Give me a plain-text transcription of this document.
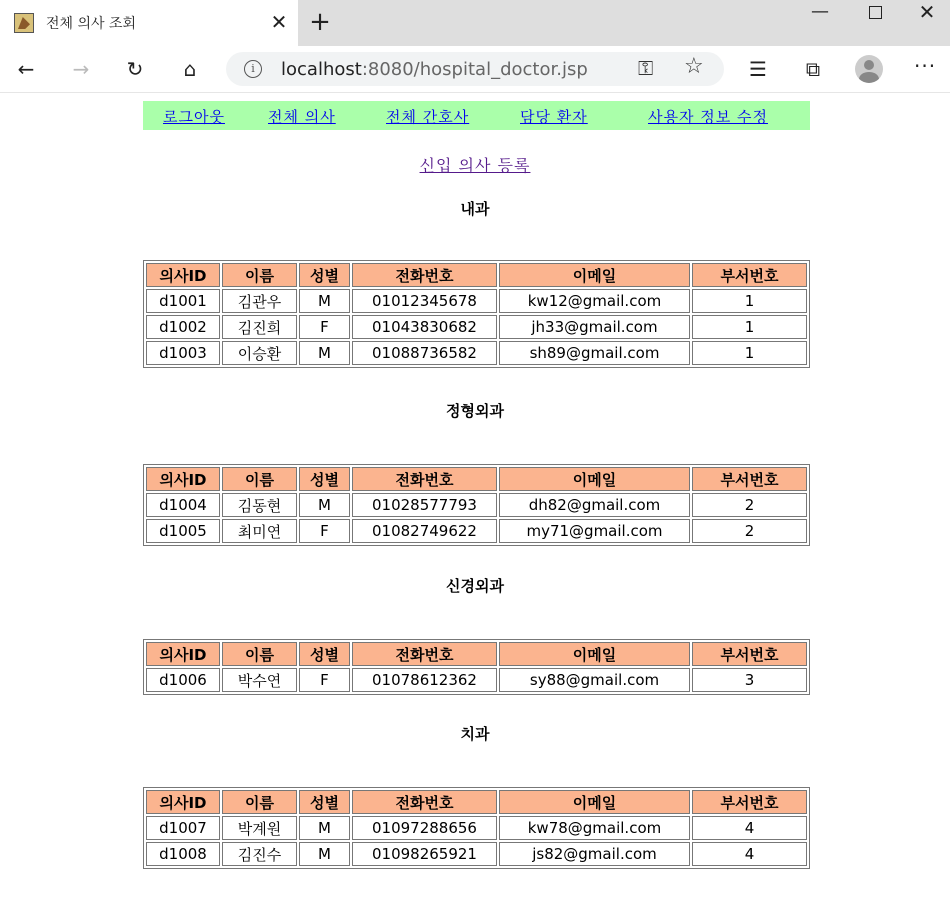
전체 의사 조회	✕ +	—	✕
←	→	↻	⌂	i	localhost:8080/hospital_doctor.jsp	⚿ ☆	☰	⧉	···
로그아웃	전체 의사	전체 간호사	담당 환자	사용자 정보 수정
신입 의사 등록
내과
의사ID	이름	성별	전화번호	이메일	부서번호
d1001	김관우	M	01012345678	kw12@gmail.com	1
d1002	김진희	F	01043830682	jh33@gmail.com	1
d1003	이승환	M	01088736582	sh89@gmail.com	1
정형외과
의사ID	이름	성별	전화번호	이메일	부서번호
d1004	김동현	M	01028577793	dh82@gmail.com	2
d1005	최미연	F	01082749622	my71@gmail.com	2
신경외과
의사ID	이름	성별	전화번호	이메일	부서번호
d1006	박수연	F	01078612362	sy88@gmail.com	3
치과
의사ID	이름	성별	전화번호	이메일	부서번호
d1007	박계원	M	01097288656	kw78@gmail.com	4
d1008	김진수	M	01098265921	js82@gmail.com	4
